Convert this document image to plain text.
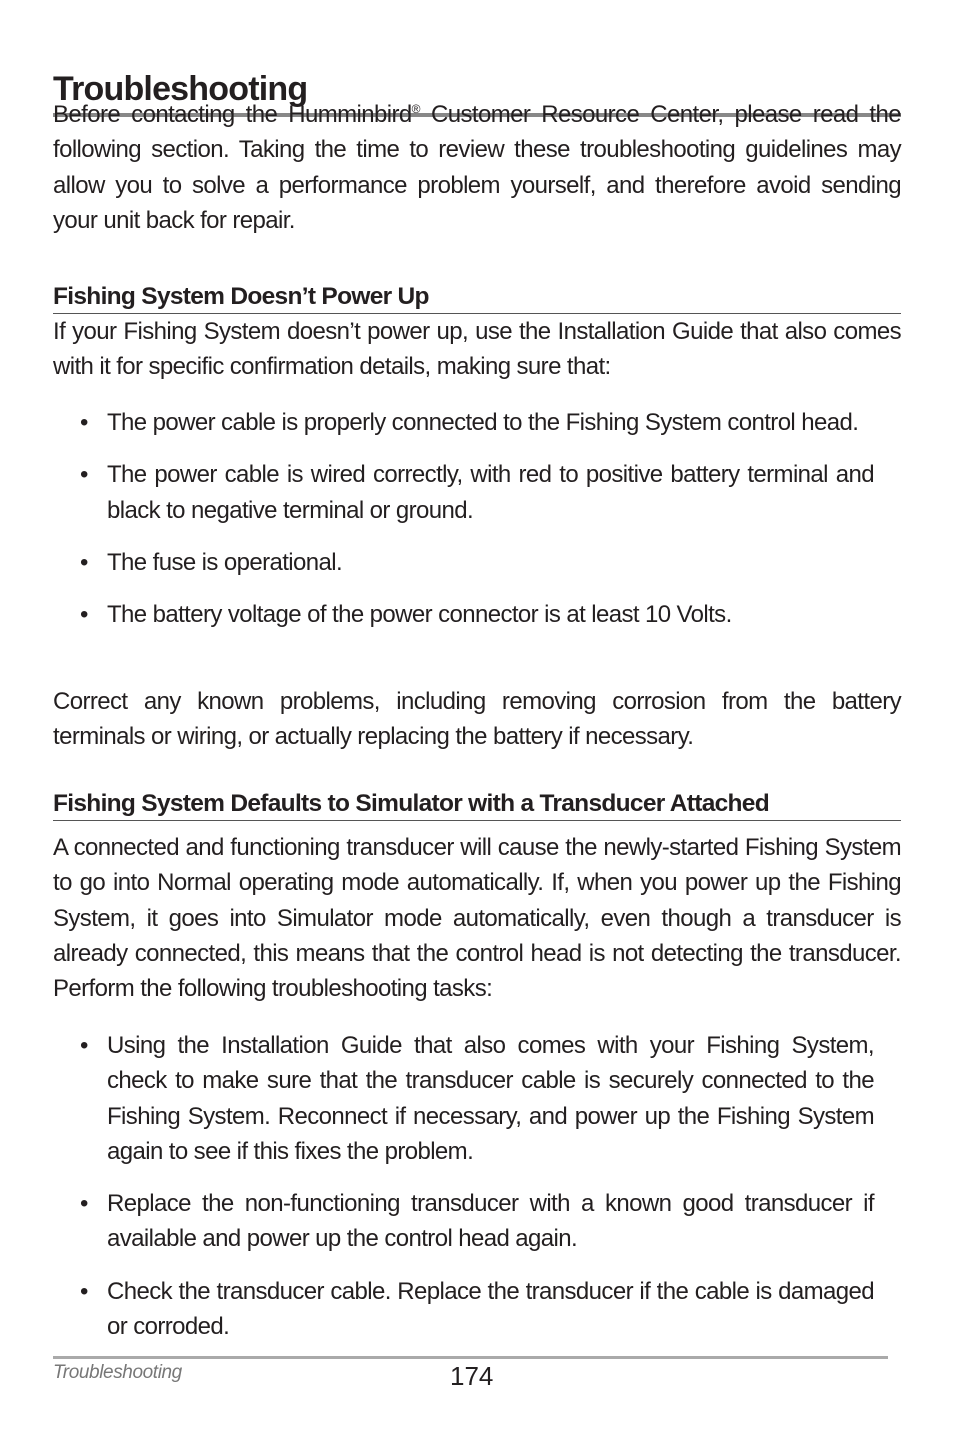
Troubleshooting

Before contacting the Humminbird® Customer Resource Center, please read the following section. Taking the time to review these troubleshooting guidelines may allow you to solve a performance problem yourself, and therefore avoid sending your unit back for repair.

Fishing System Doesn’t Power Up

If your Fishing System doesn’t power up, use the Installation Guide that also comes with it for specific confirmation details, making sure that:

• The power cable is properly connected to the Fishing System control head.
• The power cable is wired correctly, with red to positive battery terminal and black to negative terminal or ground.
• The fuse is operational.
• The battery voltage of the power connector is at least 10 Volts.

Correct any known problems, including removing corrosion from the battery terminals or wiring, or actually replacing the battery if necessary.

Fishing System Defaults to Simulator with a Transducer Attached

A connected and functioning transducer will cause the newly-started Fishing System to go into Normal operating mode automatically. If, when you power up the Fishing System, it goes into Simulator mode automatically, even though a transducer is already connected, this means that the control head is not detecting the transducer. Perform the following troubleshooting tasks:

• Using the Installation Guide that also comes with your Fishing System, check to make sure that the transducer cable is securely connected to the Fishing System. Reconnect if necessary, and power up the Fishing System again to see if this fixes the problem.
• Replace the non-functioning transducer with a known good transducer if available and power up the control head again.
• Check the transducer cable. Replace the transducer if the cable is damaged or corroded.
Troubleshooting	174
